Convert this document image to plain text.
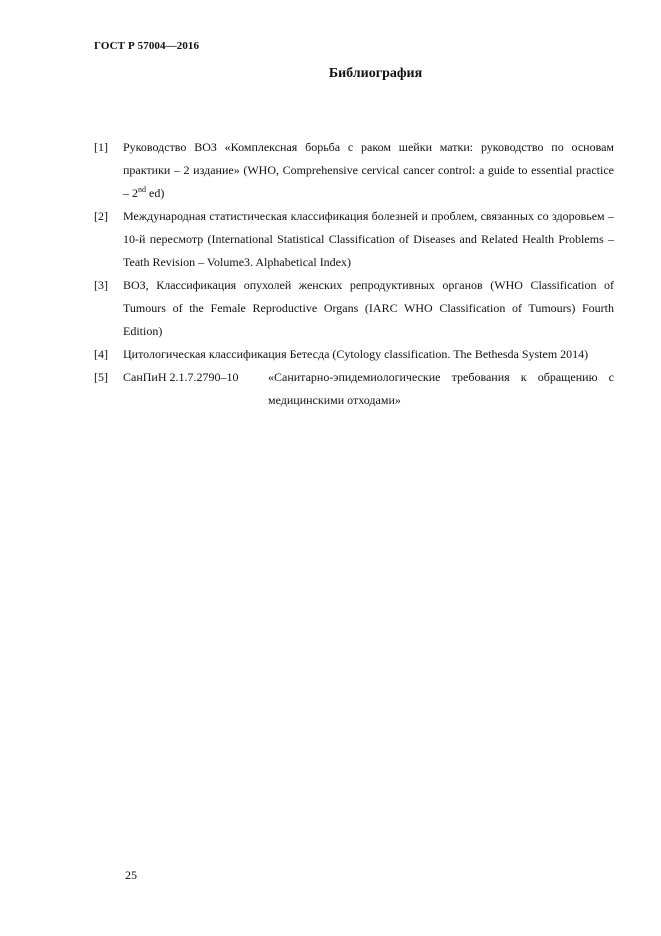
ГОСТ Р 57004—2016
Библиография
[1] Руководство ВОЗ «Комплексная борьба с раком шейки матки: руководство по основам практики – 2 издание» (WHO, Comprehensive cervical cancer control: a guide to essential practice – 2nd ed)
[2] Международная статистическая классификация болезней и проблем, связанных со здоровьем – 10-й пересмотр (International Statistical Classification of Diseases and Related Health Problems – Teath Revision – Volume3. Alphabetical Index)
[3] ВОЗ, Классификация опухолей женских репродуктивных органов (WHO Classification of Tumours of the Female Reproductive Organs (IARC WHO Classification of Tumours) Fourth Edition)
[4] Цитологическая классификация Бетесда (Cytology classification. The Bethesda System 2014)
[5] СанПиН 2.1.7.2790–10	«Санитарно-эпидемиологические требования к обращению с медицинскими отходами»
25
